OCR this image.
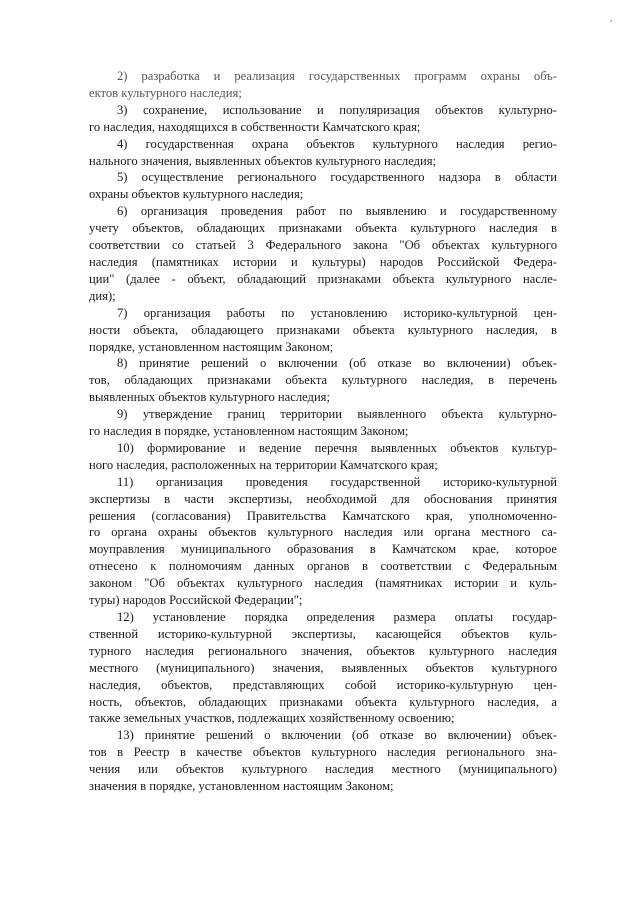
2) разработка и реализация государственных программ охраны объ-
ектов культурного наследия;
3) сохранение, использование и популяризация объектов культурно-
го наследия, находящихся в собственности Камчатского края;
4) государственная охрана объектов культурного наследия регио-
нального значения, выявленных объектов культурного наследия;
5) осуществление регионального государственного надзора в области
охраны объектов культурного наследия;
6) организация проведения работ по выявлению и государственному
учету объектов, обладающих признаками объекта культурного наследия в
соответствии со статьей 3 Федерального закона "Об объектах культурного
наследия (памятниках истории и культуры) народов Российской Федера-
ции" (далее - объект, обладающий признаками объекта культурного насле-
дия);
7) организация работы по установлению историко-культурной цен-
ности объекта, обладающего признаками объекта культурного наследия, в
порядке, установленном настоящим Законом;
8) принятие решений о включении (об отказе во включении) объек-
тов, обладающих признаками объекта культурного наследия, в перечень
выявленных объектов культурного наследия;
9) утверждение границ территории выявленного объекта культурно-
го наследия в порядке, установленном настоящим Законом;
10) формирование и ведение перечня выявленных объектов культур-
ного наследия, расположенных на территории Камчатского края;
11) организация проведения государственной историко-культурной
экспертизы в части экспертизы, необходимой для обоснования принятия
решения (согласования) Правительства Камчатского края, уполномоченно-
го органа охраны объектов культурного наследия или органа местного са-
моуправления муниципального образования в Камчатском крае, которое
отнесено к полномочиям данных органов в соответствии с Федеральным
законом "Об объектах культурного наследия (памятниках истории и куль-
туры) народов Российской Федерации";
12) установление порядка определения размера оплаты государ-
ственной историко-культурной экспертизы, касающейся объектов куль-
турного наследия регионального значения, объектов культурного наследия
местного (муниципального) значения, выявленных объектов культурного
наследия, объектов, представляющих собой историко-культурную цен-
ность, объектов, обладающих признаками объекта культурного наследия, а
также земельных участков, подлежащих хозяйственному освоению;
13) принятие решений о включении (об отказе во включении) объек-
тов в Реестр в качестве объектов культурного наследия регионального зна-
чения или объектов культурного наследия местного (муниципального)
значения в порядке, установленном настоящим Законом;
